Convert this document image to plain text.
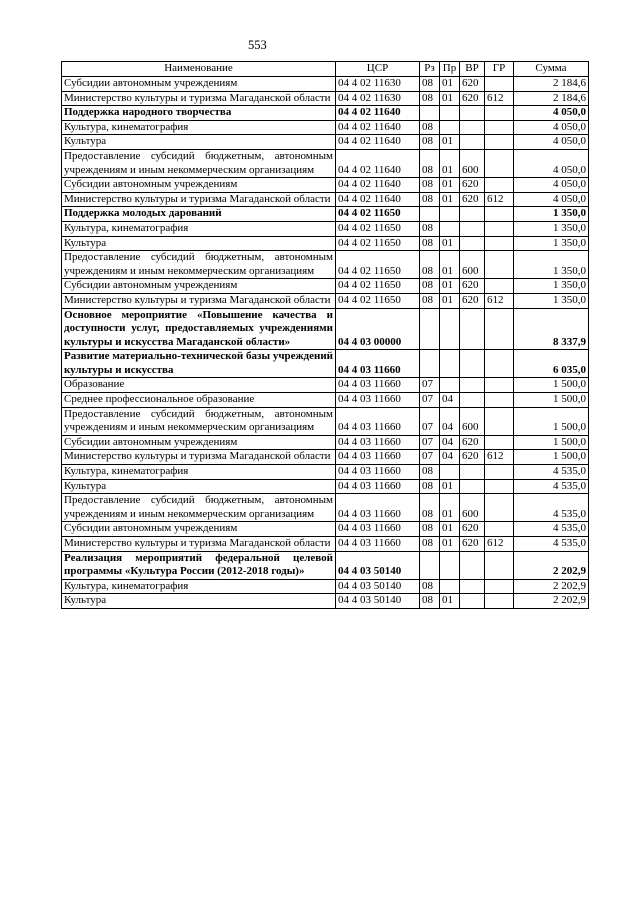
553
Наименование	ЦСР	Рз	Пр	ВР	ГР	Сумма
Субсидии автономным учреждениям	04 4 02 11630	08	01	620		2 184,6
Министерство культуры и туризма Магаданской области	04 4 02 11630	08	01	620	612	2 184,6
Поддержка народного творчества	04 4 02 11640					4 050,0
Культура, кинематография	04 4 02 11640	08				4 050,0
Культура	04 4 02 11640	08	01			4 050,0
Предоставление субсидий бюджетным, автономным учреждениям и иным некоммерческим организациям	04 4 02 11640	08	01	600		4 050,0
Субсидии автономным учреждениям	04 4 02 11640	08	01	620		4 050,0
Министерство культуры и туризма Магаданской области	04 4 02 11640	08	01	620	612	4 050,0
Поддержка молодых дарований	04 4 02 11650					1 350,0
Культура, кинематография	04 4 02 11650	08				1 350,0
Культура	04 4 02 11650	08	01			1 350,0
Предоставление субсидий бюджетным, автономным учреждениям и иным некоммерческим организациям	04 4 02 11650	08	01	600		1 350,0
Субсидии автономным учреждениям	04 4 02 11650	08	01	620		1 350,0
Министерство культуры и туризма Магаданской области	04 4 02 11650	08	01	620	612	1 350,0
Основное мероприятие «Повышение качества и доступности услуг, предоставляемых учреждениями культуры и искусства Магаданской области»	04 4 03 00000					8 337,9
Развитие материально-технической базы учреждений культуры и искусства	04 4 03 11660					6 035,0
Образование	04 4 03 11660	07				1 500,0
Среднее профессиональное образование	04 4 03 11660	07	04			1 500,0
Предоставление субсидий бюджетным, автономным учреждениям и иным некоммерческим организациям	04 4 03 11660	07	04	600		1 500,0
Субсидии автономным учреждениям	04 4 03 11660	07	04	620		1 500,0
Министерство культуры и туризма Магаданской области	04 4 03 11660	07	04	620	612	1 500,0
Культура, кинематография	04 4 03 11660	08				4 535,0
Культура	04 4 03 11660	08	01			4 535,0
Предоставление субсидий бюджетным, автономным учреждениям и иным некоммерческим организациям	04 4 03 11660	08	01	600		4 535,0
Субсидии автономным учреждениям	04 4 03 11660	08	01	620		4 535,0
Министерство культуры и туризма Магаданской области	04 4 03 11660	08	01	620	612	4 535,0
Реализация мероприятий федеральной целевой программы «Культура России (2012-2018 годы)»	04 4 03 50140					2 202,9
Культура, кинематография	04 4 03 50140	08				2 202,9
Культура	04 4 03 50140	08	01			2 202,9
